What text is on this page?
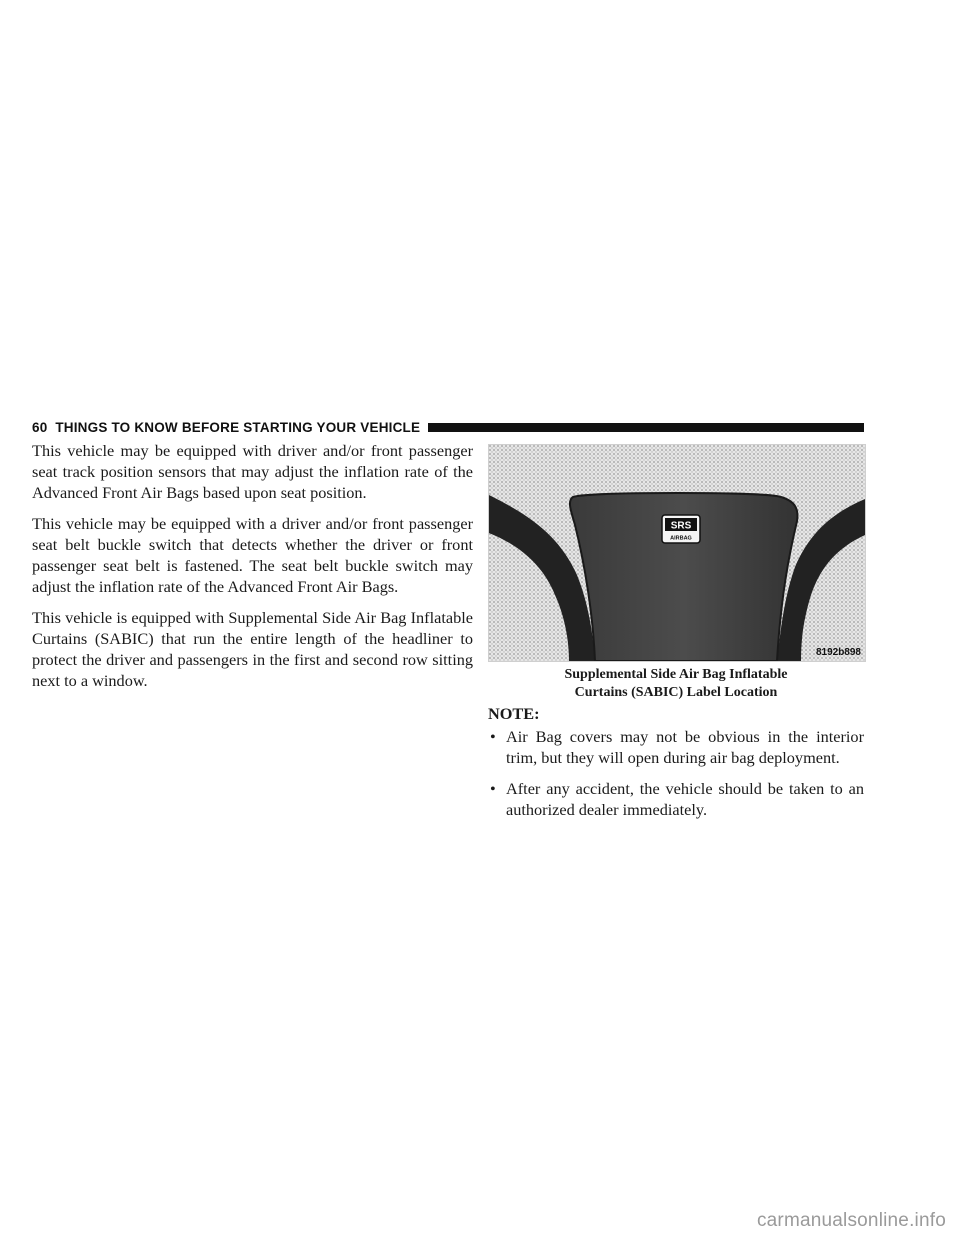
60 THINGS TO KNOW BEFORE STARTING YOUR VEHICLE

This vehicle may be equipped with driver and/or front passenger seat track position sensors that may adjust the inflation rate of the Advanced Front Air Bags based upon seat position.

This vehicle may be equipped with a driver and/or front passenger seat belt buckle switch that detects whether the driver or front passenger seat belt is fastened. The seat belt buckle switch may adjust the inflation rate of the Advanced Front Air Bags.

This vehicle is equipped with Supplemental Side Air Bag Inflatable Curtains (SABIC) that run the entire length of the headliner to protect the driver and passengers in the first and second row sitting next to a window.

SRS
AIRBAG
8192b898
Supplemental Side Air Bag Inflatable
Curtains (SABIC) Label Location
NOTE:
• Air Bag covers may not be obvious in the interior trim, but they will open during air bag deployment.
• After any accident, the vehicle should be taken to an authorized dealer immediately.
carmanualsonline.info
